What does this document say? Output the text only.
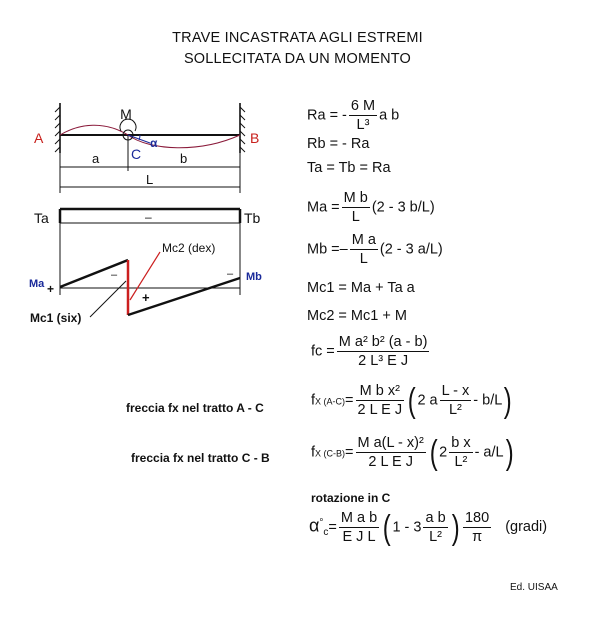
TRAVE INCASTRATA AGLI ESTREMI
SOLLECITATA DA UN MOMENTO
M
A	B
C
α
a	b
L
Ta	Tb
–
Ma
Mb
+
+
–	–
Mc2 (dex)
Mc1 (six)
Ra = - $\frac{6 M}{\text{L³}}$ a b
Rb = - Ra
Ta = Tb = Ra
$Ma = \frac{\text{M b}}{L} (2 - 3$ b/L)
$Mb =- \frac{\text{M a}}{L} (2 - 3$ a/L)
Mc1 = Ma + Ta a
Mc2 = Mc1 + M
fc = $\frac{\text{M a² b² (a - b)}}{\text{2 L³ E J}}$
freccia fx nel tratto A - C	fX $(A-C)= \frac{\text{M b x²}}{\text{2 L E J}}$ ( 2 a $\frac{L - x}{\text{L²}} - b/L$)
freccia fx nel tratto C - B	fX $(C-B)= \frac{\text{M a(L - x)²}}{\text{2 L E J}}$ ( $2 \frac{\text{b x}}{\text{L²}} - a/L$)
rotazione in C
$\alpha^\circ_c= \frac{\text{M a b}}{\text{E J L}}$ ( $1 - 3 \frac{\text{a b}}{\text{L²}}$ ) $\frac{180}{\pi}$ (gradi)
Ed. UISAA
